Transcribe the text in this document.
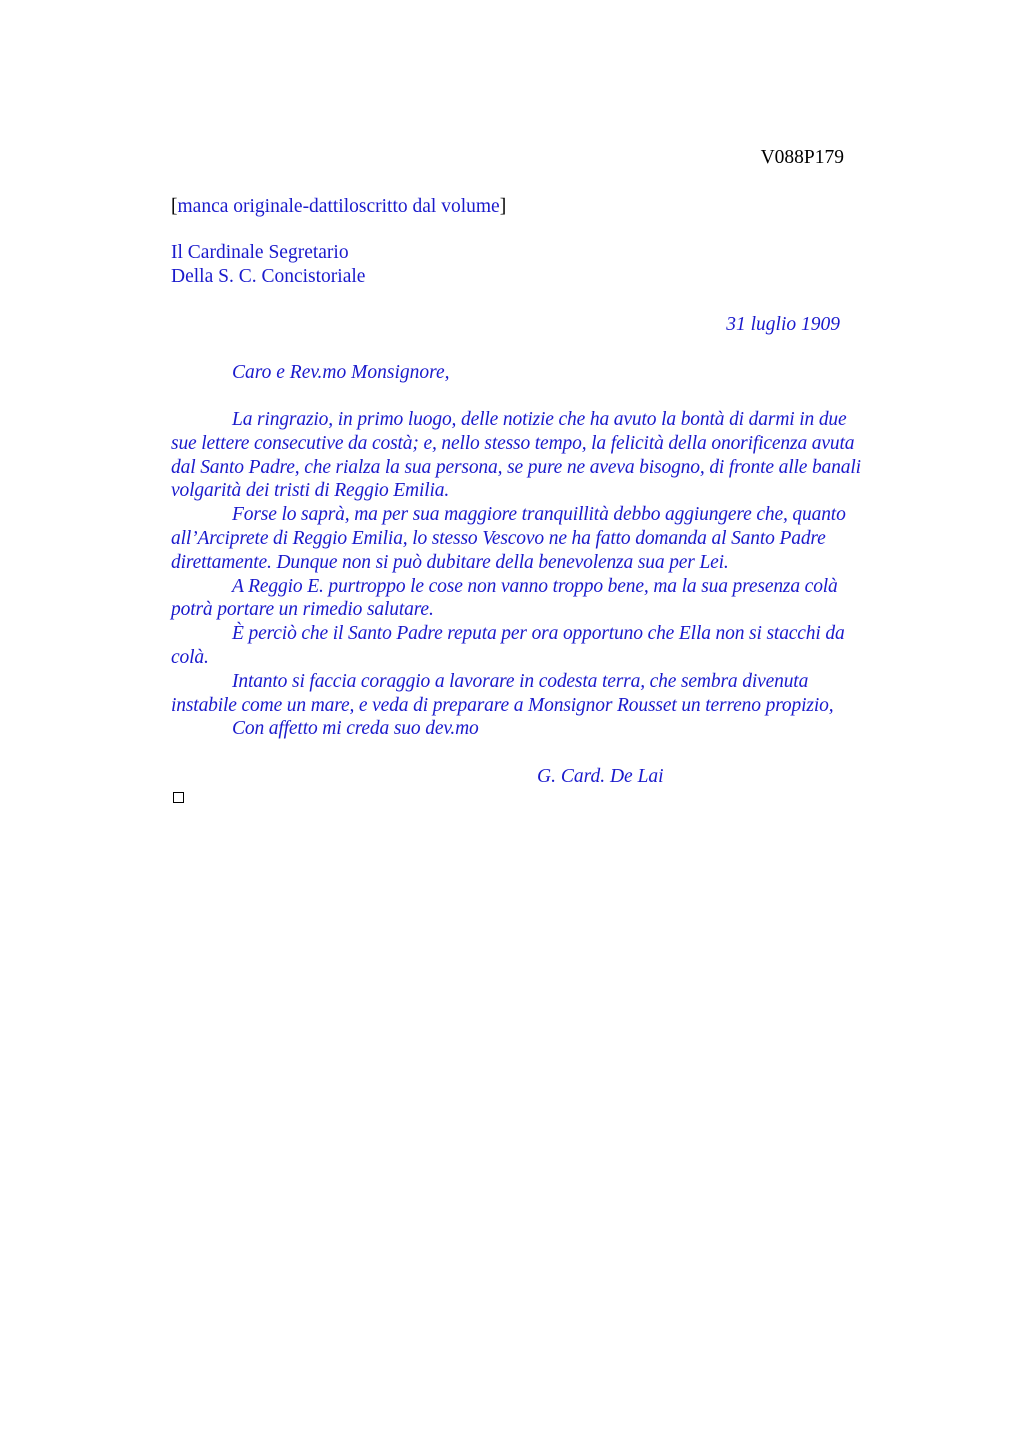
V088P179
[manca originale-dattiloscritto dal volume]
Il Cardinale Segretario
Della S. C. Concistoriale
31 luglio 1909
Caro e Rev.mo Monsignore,
La ringrazio, in primo luogo, delle notizie che ha avuto la bontà di darmi in due
sue lettere consecutive da costà; e, nello stesso tempo, la felicità della onorificenza avuta
dal Santo Padre, che rialza la sua persona, se pure ne aveva bisogno, di fronte alle banali
volgarità dei tristi di Reggio Emilia.
Forse lo saprà, ma per sua maggiore tranquillità debbo aggiungere che, quanto
all’Arciprete di Reggio Emilia, lo stesso Vescovo ne ha fatto domanda al Santo Padre
direttamente. Dunque non si può dubitare della benevolenza sua per Lei.
A Reggio E. purtroppo le cose non vanno troppo bene, ma la sua presenza colà
potrà portare un rimedio salutare.
È perciò che il Santo Padre reputa per ora opportuno che Ella non si stacchi da
colà.
Intanto si faccia coraggio a lavorare in codesta terra, che sembra divenuta
instabile come un mare, e veda di preparare a Monsignor Rousset un terreno propizio,
Con affetto mi creda suo dev.mo
G. Card. De Lai
